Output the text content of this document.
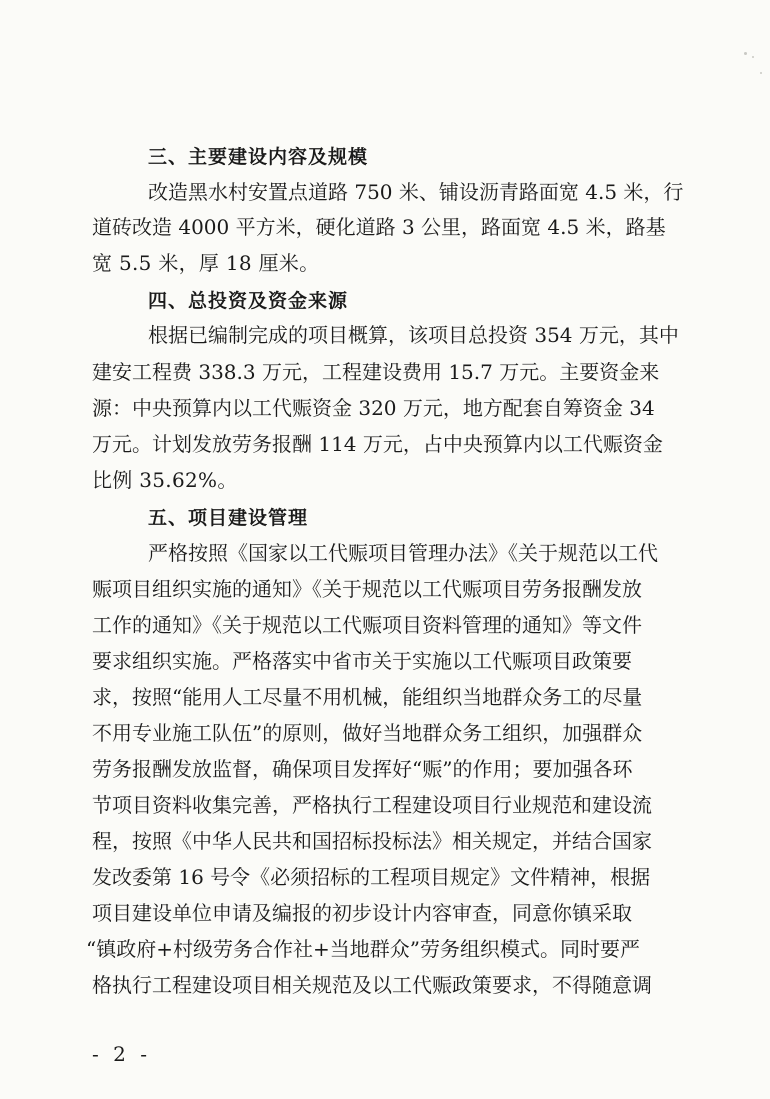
三、主要建设内容及规模
改造黑水村安置点道路 750 米、铺设沥青路面宽 4.5 米，行
道砖改造 4000 平方米，硬化道路 3 公里，路面宽 4.5 米，路基
宽 5.5 米，厚 18 厘米。
四、总投资及资金来源
根据已编制完成的项目概算，该项目总投资 354 万元，其中
建安工程费 338.3 万元，工程建设费用 15.7 万元。主要资金来
源：中央预算内以工代赈资金 320 万元，地方配套自筹资金 34
万元。计划发放劳务报酬 114 万元，占中央预算内以工代赈资金
比例 35.62%。
五、项目建设管理
严格按照《国家以工代赈项目管理办法》《关于规范以工代
赈项目组织实施的通知》《关于规范以工代赈项目劳务报酬发放
工作的通知》《关于规范以工代赈项目资料管理的通知》等文件
要求组织实施。严格落实中省市关于实施以工代赈项目政策要
求，按照“能用人工尽量不用机械，能组织当地群众务工的尽量
不用专业施工队伍”的原则，做好当地群众务工组织，加强群众
劳务报酬发放监督，确保项目发挥好“赈”的作用；要加强各环
节项目资料收集完善，严格执行工程建设项目行业规范和建设流
程，按照《中华人民共和国招标投标法》相关规定，并结合国家
发改委第 16 号令《必须招标的工程项目规定》文件精神，根据
项目建设单位申请及编报的初步设计内容审查，同意你镇采取
“镇政府+村级劳务合作社+当地群众”劳务组织模式。同时要严
格执行工程建设项目相关规范及以工代赈政策要求，不得随意调
- 2 -
